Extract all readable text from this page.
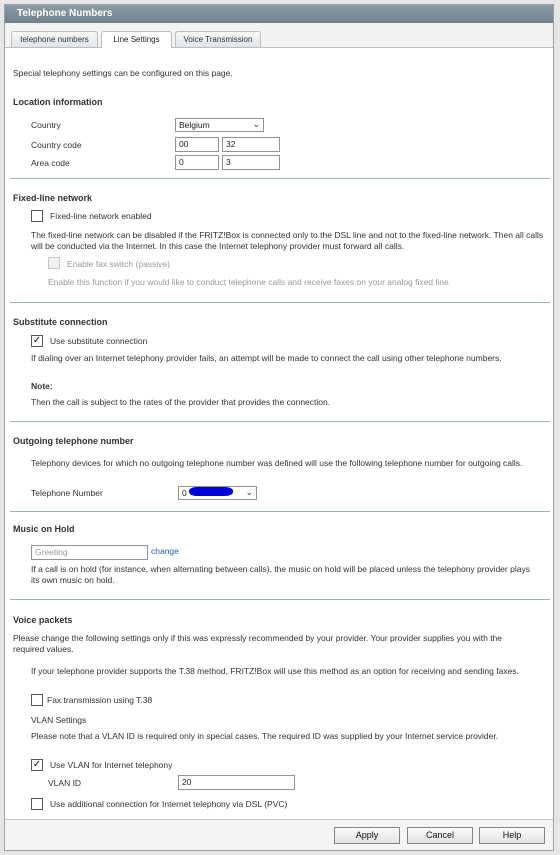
Telephone Numbers
telephone numbers	Line Settings	Voice Transmission
Special telephony settings can be configured on this page.
Location information
Country	Belgium	⌄
Country code	00	32
Area code	0	3
Fixed-line network
Fixed-line network enabled
The fixed-line network can be disabled if the FRITZ!Box is connected only to the DSL line and not to the fixed-line network. Then all calls will be conducted via the Internet. In this case the Internet telephony provider must forward all calls.
Enable fax switch (passive)
Enable this function if you would like to conduct telephone calls and receive faxes on your analog fixed line.
Substitute connection
✓ Use substitute connection
If dialing over an Internet telephony provider fails, an attempt will be made to connect the call using other telephone numbers.
Note:
Then the call is subject to the rates of the provider that provides the connection.
Outgoing telephone number
Telephony devices for which no outgoing telephone number was defined will use the following telephone number for outgoing calls.
Telephone Number	0	⌄
Music on Hold
Greeting	change
If a call is on hold (for instance, when alternating between calls), the music on hold will be placed unless the telephony provider plays its own music on hold.
Voice packets
Please change the following settings only if this was expressly recommended by your provider. Your provider supplies you with the required values.
If your telephone provider supports the T.38 method, FRITZ!Box will use this method as an option for receiving and sending faxes.
Fax transmission using T.38
VLAN Settings
Please note that a VLAN ID is required only in special cases. The required ID was supplied by your Internet service provider.
✓ Use VLAN for Internet telephony
VLAN ID	20
Use additional connection for Internet telephony via DSL (PVC)
Apply	Cancel	Help
